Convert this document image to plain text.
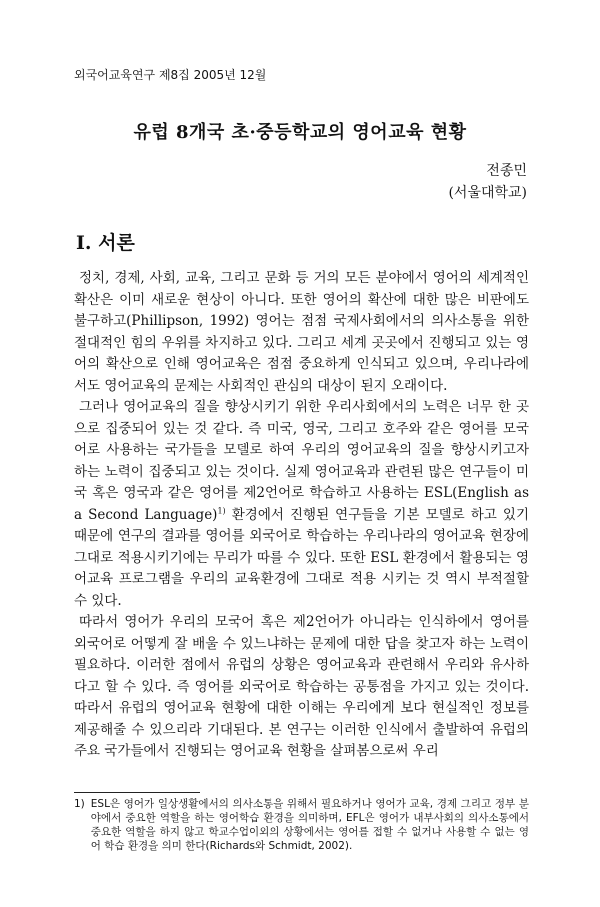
외국어교육연구 제8집 2005년 12월
유럽 8개국 초·중등학교의 영어교육 현황
전종민
(서울대학교)
Ⅰ. 서론

정치, 경제, 사회, 교육, 그리고 문화 등 거의 모든 분야에서 영어의 세계적인 확산은 이미 새로운 현상이 아니다. 또한 영어의 확산에 대한 많은 비판에도 불구하고(Phillipson, 1992) 영어는 점점 국제사회에서의 의사소통을 위한 절대적인 힘의 우위를 차지하고 있다. 그리고 세계 곳곳에서 진행되고 있는 영어의 확산으로 인해 영어교육은 점점 중요하게 인식되고 있으며, 우리나라에서도 영어교육의 문제는 사회적인 관심의 대상이 된지 오래이다.

그러나 영어교육의 질을 향상시키기 위한 우리사회에서의 노력은 너무 한 곳으로 집중되어 있는 것 같다. 즉 미국, 영국, 그리고 호주와 같은 영어를 모국어로 사용하는 국가들을 모델로 하여 우리의 영어교육의 질을 향상시키고자 하는 노력이 집중되고 있는 것이다. 실제 영어교육과 관련된 많은 연구들이 미국 혹은 영국과 같은 영어를 제2언어로 학습하고 사용하는 ESL(English as a Second Language)$^{1)}$ 환경에서 진행된 연구들을 기본 모델로 하고 있기 때문에 연구의 결과를 영어를 외국어로 학습하는 우리나라의 영어교육 현장에 그대로 적용시키기에는 무리가 따를 수 있다. 또한 ESL 환경에서 활용되는 영어교육 프로그램을 우리의 교육환경에 그대로 적용 시키는 것 역시 부적절할 수 있다.

따라서 영어가 우리의 모국어 혹은 제2언어가 아니라는 인식하에서 영어를 외국어로 어떻게 잘 배울 수 있느냐하는 문제에 대한 답을 찾고자 하는 노력이 필요하다. 이러한 점에서 유럽의 상황은 영어교육과 관련해서 우리와 유사하다고 할 수 있다. 즉 영어를 외국어로 학습하는 공통점을 가지고 있는 것이다. 따라서 유럽의 영어교육 현황에 대한 이해는 우리에게 보다 현실적인 정보를 제공해줄 수 있으리라 기대된다. 본 연구는 이러한 인식에서 출발하여 유럽의 주요 국가들에서 진행되는 영어교육 현황을 살펴봄으로써 우리

1) ESL은 영어가 일상생활에서의 의사소통을 위해서 필요하거나 영어가 교육, 경제 그리고 정부 분야에서 중요한 역할을 하는 영어학습 환경을 의미하며, EFL은 영어가 내부사회의 의사소통에서 중요한 역할을 하지 않고 학교수업이외의 상황에서는 영어를 접할 수 없거나 사용할 수 없는 영어 학습 환경을 의미 한다(Richards와 Schmidt, 2002).
